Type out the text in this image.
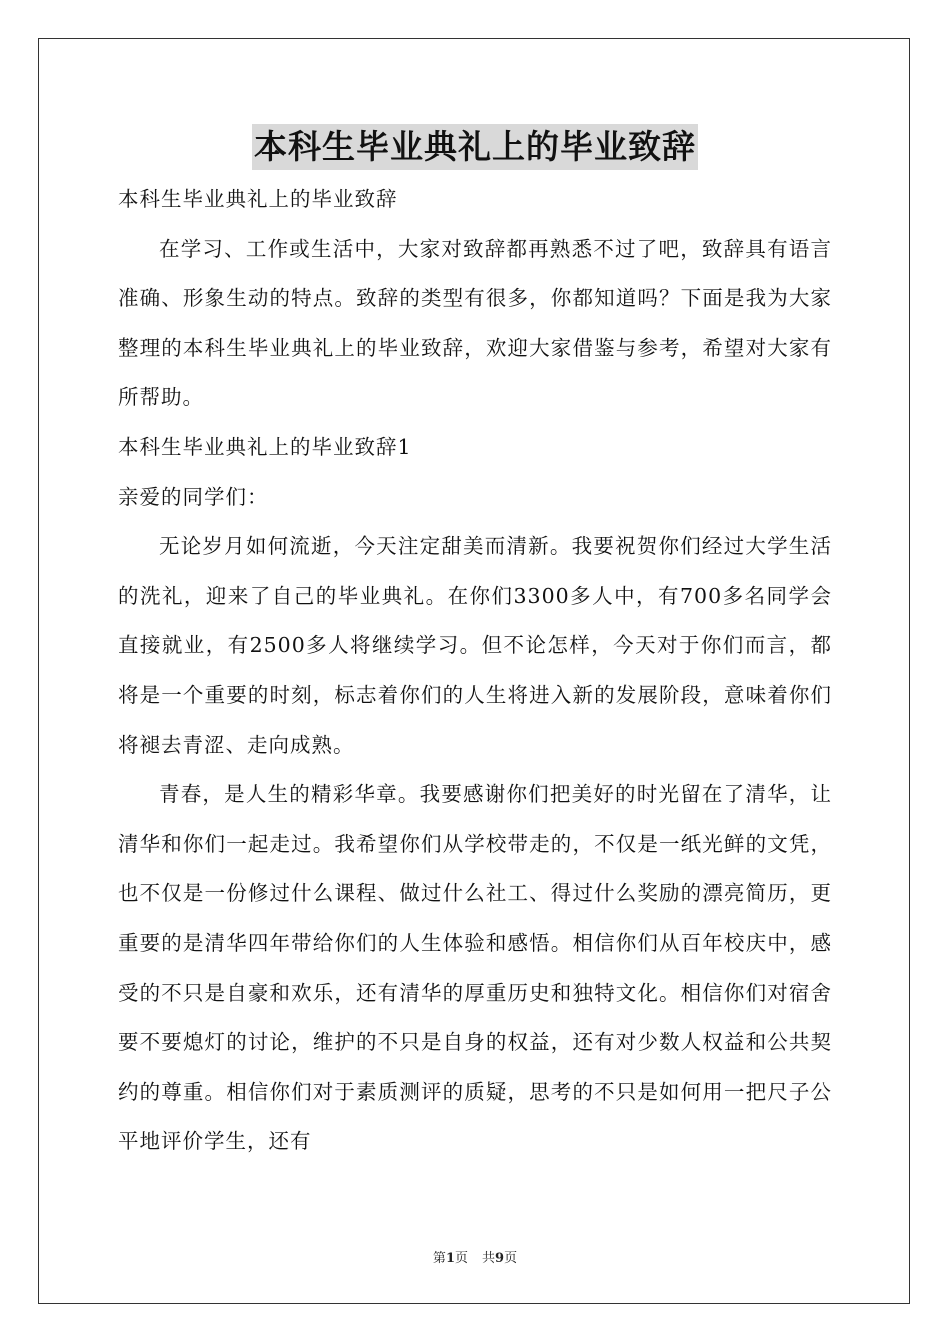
本科生毕业典礼上的毕业致辞

本科生毕业典礼上的毕业致辞

在学习、工作或生活中，大家对致辞都再熟悉不过了吧，致辞具有语言准确、形象生动的特点。致辞的类型有很多，你都知道吗？下面是我为大家整理的本科生毕业典礼上的毕业致辞，欢迎大家借鉴与参考，希望对大家有所帮助。

本科生毕业典礼上的毕业致辞1

亲爱的同学们：

无论岁月如何流逝，今天注定甜美而清新。我要祝贺你们经过大学生活的洗礼，迎来了自己的毕业典礼。在你们3300多人中，有700多名同学会直接就业，有2500多人将继续学习。但不论怎样，今天对于你们而言，都将是一个重要的时刻，标志着你们的人生将进入新的发展阶段，意味着你们将褪去青涩、走向成熟。

青春，是人生的精彩华章。我要感谢你们把美好的时光留在了清华，让清华和你们一起走过。我希望你们从学校带走的，不仅是一纸光鲜的文凭，也不仅是一份修过什么课程、做过什么社工、得过什么奖励的漂亮简历，更重要的是清华四年带给你们的人生体验和感悟。相信你们从百年校庆中，感受的不只是自豪和欢乐，还有清华的厚重历史和独特文化。相信你们对宿舍要不要熄灯的讨论，维护的不只是自身的权益，还有对少数人权益和公共契约的尊重。相信你们对于素质测评的质疑，思考的不只是如何用一把尺子公平地评价学生，还有

第1页 共9页
